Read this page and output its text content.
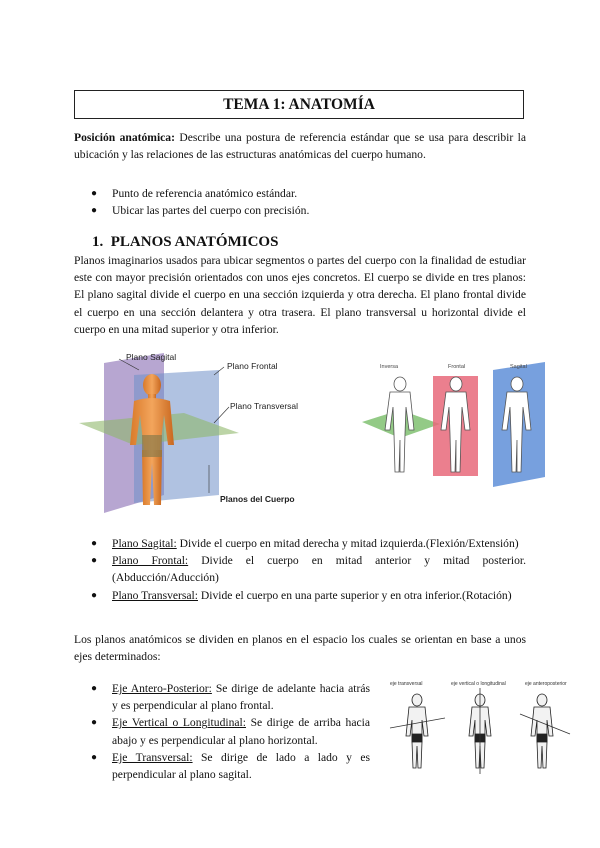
TEMA 1: ANATOMÍA

Posición anatómica: Describe una postura de referencia estándar que se usa para describir la ubicación y las relaciones de las estructuras anatómicas del cuerpo humano.

● Punto de referencia anatómico estándar.
● Ubicar las partes del cuerpo con precisión.
1. PLANOS ANATÓMICOS

Planos imaginarios usados para ubicar segmentos o partes del cuerpo con la finalidad de estudiar este con mayor precisión orientados con unos ejes concretos. El cuerpo se divide en tres planos: El plano sagital divide el cuerpo en una sección izquierda y otra derecha. El plano frontal divide el cuerpo en una sección delantera y otra trasera. El plano transversal u horizontal divide el cuerpo en una mitad superior y otra inferior.

Plano Sagital
Plano Frontal
Plano Transversal
Planos del Cuerpo
Inversa	Frontal	Sagital
● Plano Sagital: Divide el cuerpo en mitad derecha y mitad izquierda.(Flexión/Extensión)
● Plano Frontal: Divide el cuerpo en mitad anterior y mitad posterior.(Abducción/Aducción)
● Plano Transversal: Divide el cuerpo en una parte superior y en otra inferior.(Rotación)

Los planos anatómicos se dividen en planos en el espacio los cuales se orientan en base a unos ejes determinados:

● Eje Antero-Posterior: Se dirige de adelante hacia atrás y es perpendicular al plano frontal.
● Eje Vertical o Longitudinal: Se dirige de arriba hacia abajo y es perpendicular al plano horizontal.
● Eje Transversal: Se dirige de lado a lado y es perpendicular al plano sagital.
eje transversal	eje vertical o longitudinal	eje anteroposterior
